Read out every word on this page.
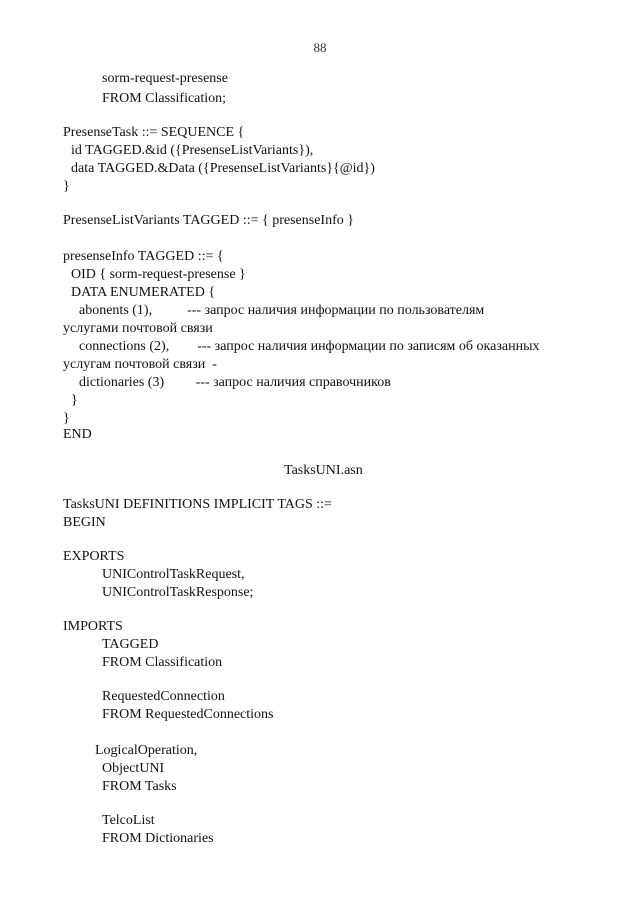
88
sorm-request-presense
FROM Classification;
PresenseTask ::= SEQUENCE {
id TAGGED.&id ({PresenseListVariants}),
data TAGGED.&Data ({PresenseListVariants}{@id})
}
PresenseListVariants TAGGED ::= { presenseInfo }
presenseInfo TAGGED ::= {
OID { sorm-request-presense }
DATA ENUMERATED {
abonents (1),          --- запрос наличия информации по пользователям
услугами почтовой связи
connections (2),        --- запрос наличия информации по записям об оказанных
услугам почтовой связи  -
dictionaries (3)         --- запрос наличия справочников
}
}
END
TasksUNI.asn
TasksUNI DEFINITIONS IMPLICIT TAGS ::=
BEGIN
EXPORTS
UNIControlTaskRequest,
UNIControlTaskResponse;
IMPORTS
TAGGED
FROM Classification
RequestedConnection
FROM RequestedConnections
LogicalOperation,
ObjectUNI
FROM Tasks
TelcoList
FROM Dictionaries
